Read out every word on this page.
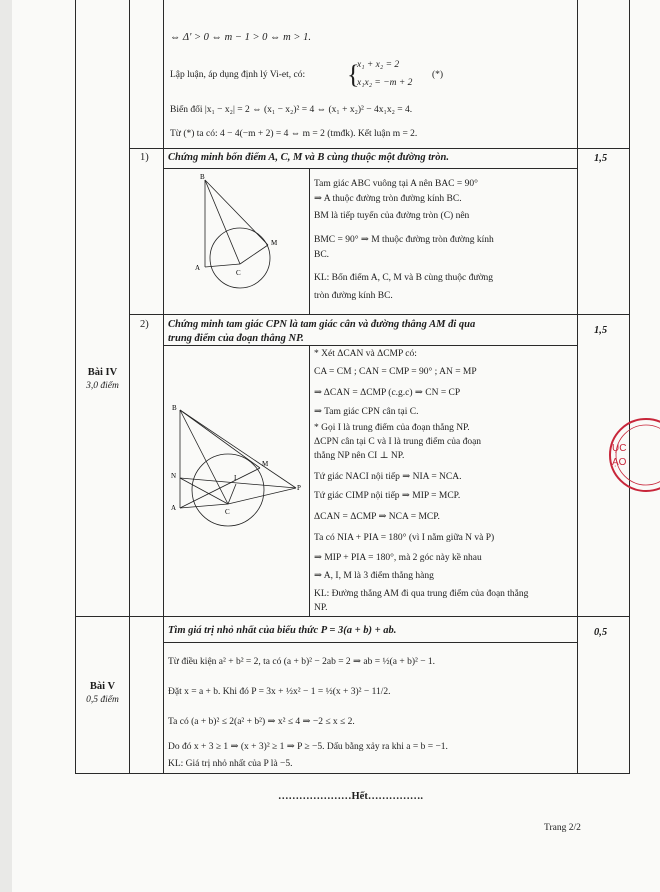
⇔ Δ' > 0 ⇔ m − 1 > 0 ⇔ m > 1.
Lập luận, áp dụng định lý Vi-et, có: {
x₁ + x₂ = 2
x₁x₂ = −m + 2
(*)
Biến đổi |x₁ − x₂| = 2 ⇔ (x₁ − x₂)² = 4 ⇔ (x₁ + x₂)² − 4x₁x₂ = 4.
Từ (*) ta có: 4 − 4(−m + 2) = 4 ⇔ m = 2 (tmđk). Kết luận m = 2.
Bài IV
3,0 điểm
1) Chứng minh bốn điểm A, C, M và B cùng thuộc một đường tròn.	1,5
B
A
C
M
Tam giác ABC vuông tại A nên BAC = 90°
⇒ A thuộc đường tròn đường kính BC.
BM là tiếp tuyến của đường tròn (C) nên
BMC = 90° ⇒ M thuộc đường tròn đường kính
BC.
KL: Bốn điểm A, C, M và B cùng thuộc đường
tròn đường kính BC.
2) Chứng minh tam giác CPN là tam giác cân và đường thẳng AM đi qua
trung điểm của đoạn thẳng NP.
1,5
B
N
A
I
M
C
P
* Xét ΔCAN và ΔCMP có:
CA = CM ; CAN = CMP = 90° ; AN = MP
⇒ ΔCAN = ΔCMP (c.g.c) ⇒ CN = CP
⇒ Tam giác CPN cân tại C.
* Gọi I là trung điểm của đoạn thẳng NP.
ΔCPN cân tại C và I là trung điểm của đoạn
thẳng NP nên CI ⊥ NP.
Tứ giác NACI nội tiếp ⇒ NIA = NCA.
Tứ giác CIMP nội tiếp ⇒ MIP = MCP.
ΔCAN = ΔCMP ⇒ NCA = MCP.
Ta có NIA + PIA = 180° (vì I nằm giữa N và P)
⇒ MIP + PIA = 180°, mà 2 góc này kề nhau
⇒ A, I, M là 3 điểm thẳng hàng
KL: Đường thẳng AM đi qua trung điểm của đoạn thẳng
NP.
Bài V
0,5 điểm
Tìm giá trị nhỏ nhất của biểu thức P = 3(a + b) + ab.	0,5
Từ điều kiện a² + b² = 2, ta có (a + b)² − 2ab = 2 ⇒ ab = ½(a + b)² − 1.
Đặt x = a + b. Khi đó P = 3x + ½x² − 1 = ½(x + 3)² − 11/2.
Ta có (a + b)² ≤ 2(a² + b²) ⇒ x² ≤ 4 ⇒ −2 ≤ x ≤ 2.
Do đó x + 3 ≥ 1 ⇒ (x + 3)² ≥ 1 ⇒ P ≥ −5. Dấu bằng xảy ra khi a = b = −1.
KL: Giá trị nhỏ nhất của P là −5.
…………………Hết…………….
Trang 2/2
ỤC
ẠO
